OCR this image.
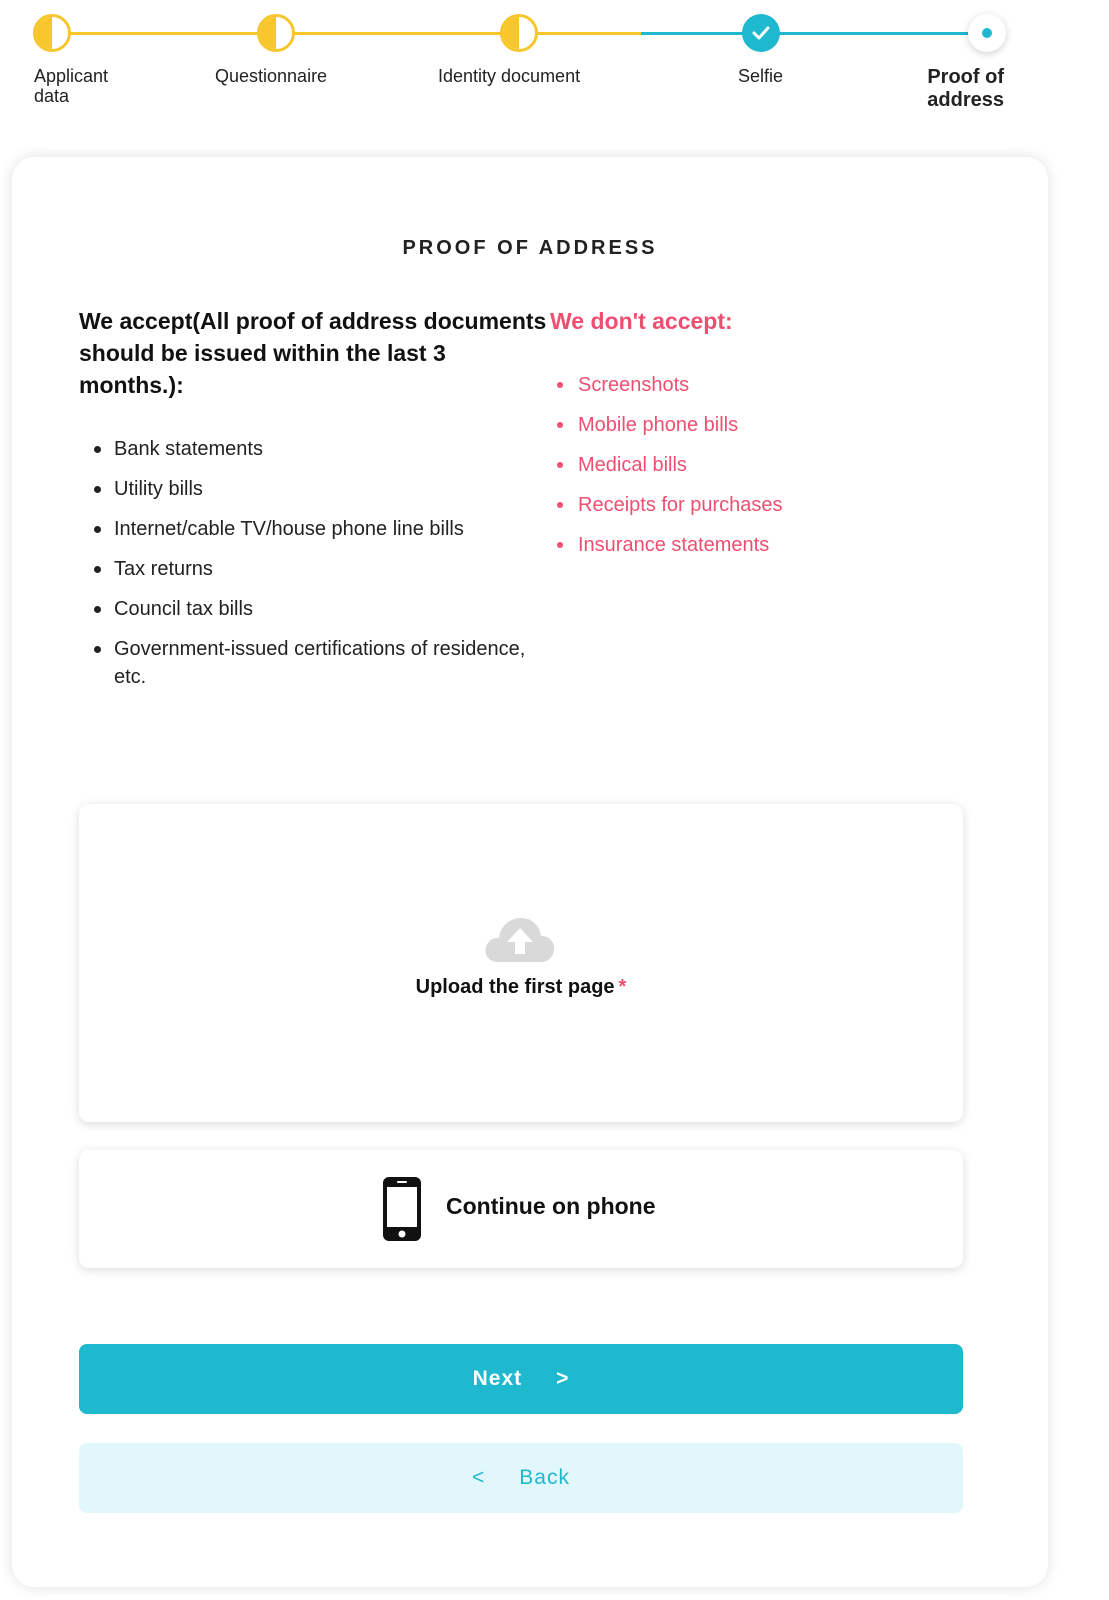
Applicant
data
Questionnaire	Identity document	Selfie	Proof of
address
PROOF OF ADDRESS
We accept(All proof of address documents should be issued within the last 3 months.):
Bank statements
Utility bills
Internet/cable TV/house phone line bills
Tax returns
Council tax bills
Government-issued certifications of residence, etc.
We don't accept:
Screenshots
Mobile phone bills
Medical bills
Receipts for purchases
Insurance statements
Upload the first page *
Continue on phone
Next >
< Back
